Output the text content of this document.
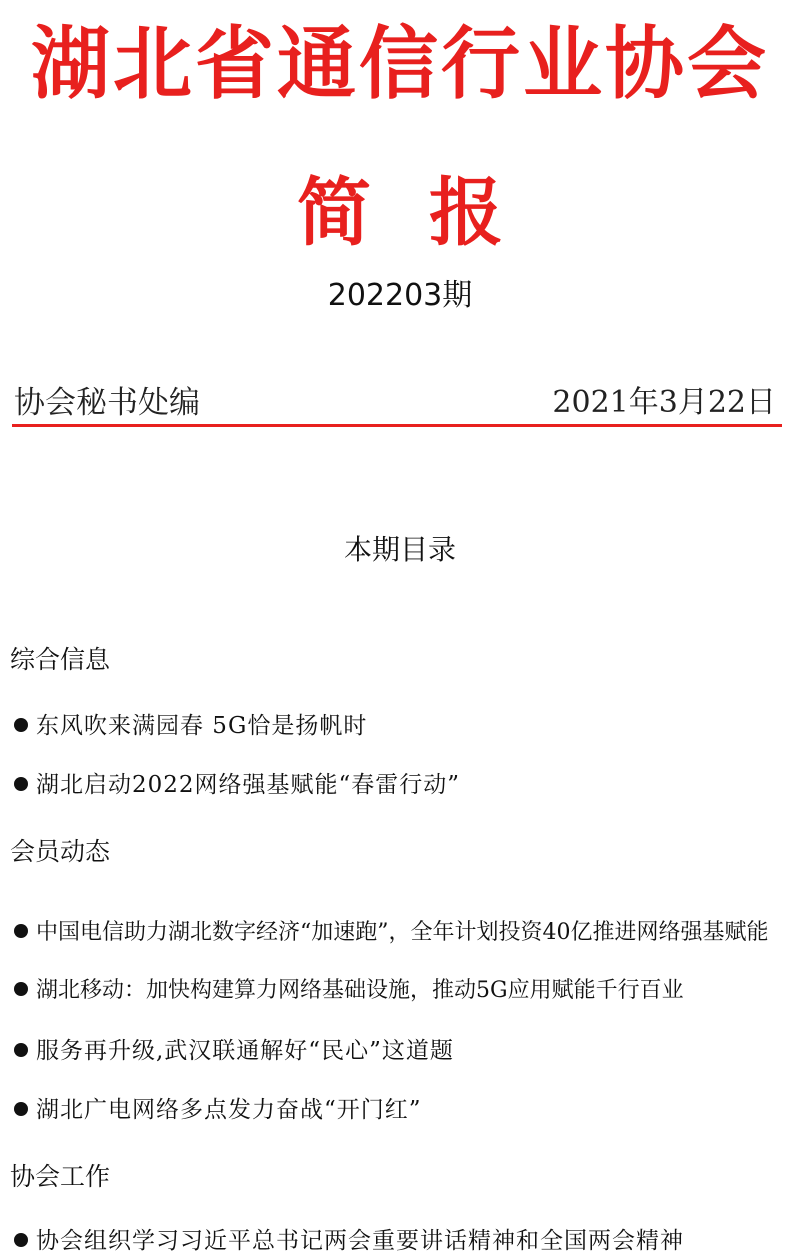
湖北省通信行业协会
简报
202203期
协会秘书处编	2021年3月22日
本期目录
综合信息
东风吹来满园春 5G恰是扬帆时
湖北启动2022网络强基赋能“春雷行动”
会员动态
中国电信助力湖北数字经济“加速跑”，全年计划投资40亿推进网络强基赋能
湖北移动：加快构建算力网络基础设施，推动5G应用赋能千行百业
服务再升级,武汉联通解好“民心”这道题
湖北广电网络多点发力奋战“开门红”
协会工作
协会组织学习习近平总书记两会重要讲话精神和全国两会精神
